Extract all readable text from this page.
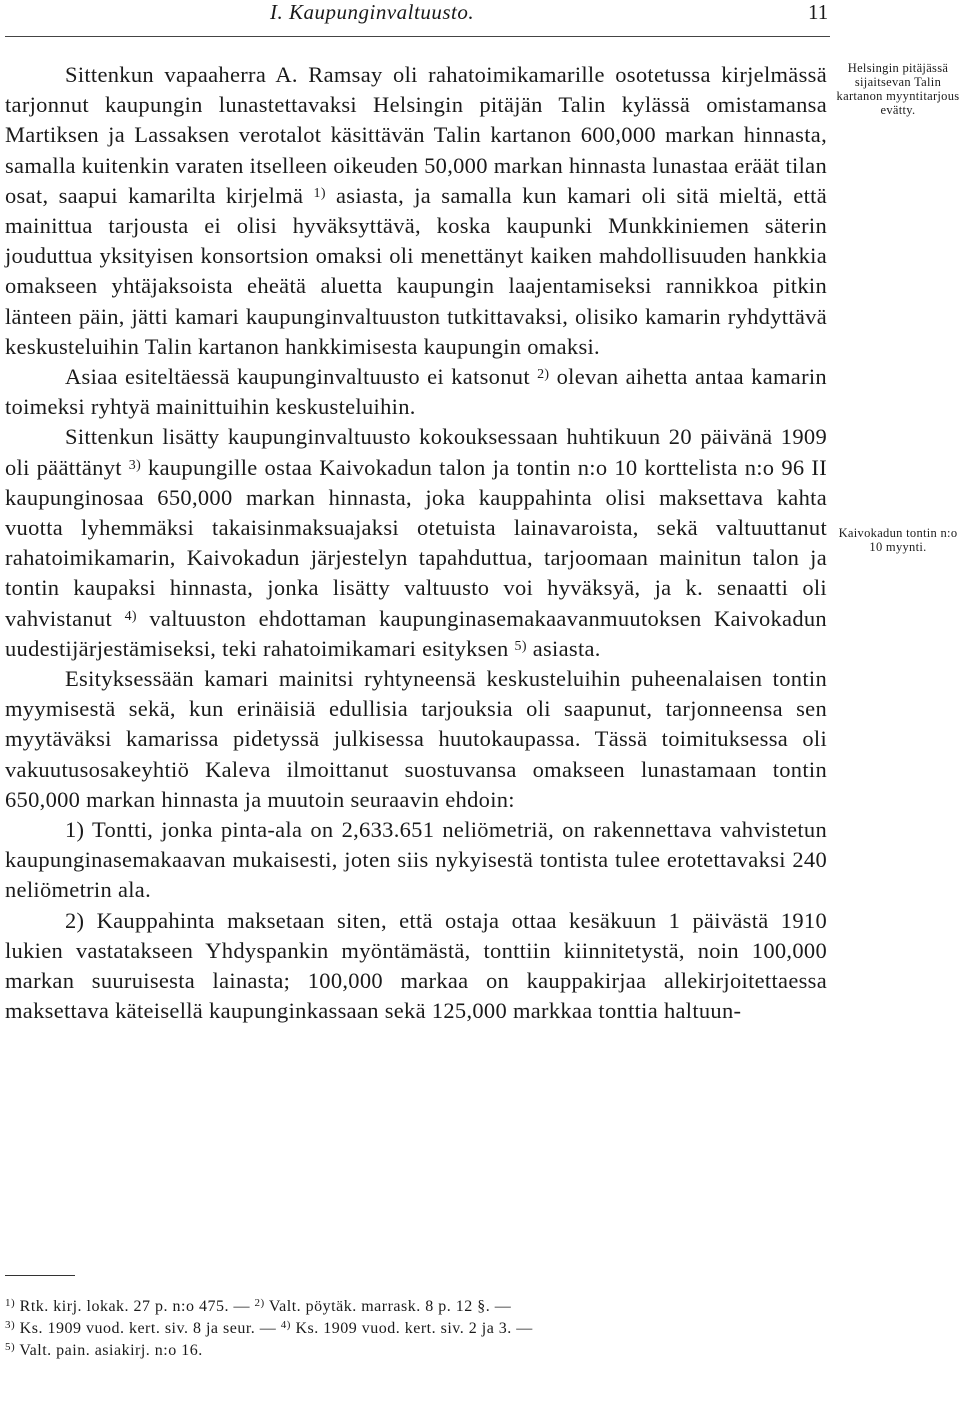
I. Kaupunginvaltuusto.	11

Sittenkun vapaaherra A. Ramsay oli rahatoimikamarille osotetussa kirjelmässä tarjonnut kaupungin lunastettavaksi Helsingin pitäjän Talin kylässä omistamansa Martiksen ja Lassaksen verotalot käsittävän Talin kartanon 600,000 markan hinnasta, samalla kuitenkin varaten itselleen oikeuden 50,000 markan hinnasta lunastaa eräät tilan osat, saapui kamarilta kirjelmä $^{1)}$ asiasta, ja samalla kun kamari oli sitä mieltä, että mainittua tarjousta ei olisi hyväksyttävä, koska kaupunki Munkkiniemen säterin jouduttua yksityisen konsortsion omaksi oli menettänyt kaiken mahdollisuuden hankkia omakseen yhtäjaksoista eheätä aluetta kaupungin laajentamiseksi rannikkoa pitkin länteen päin, jätti kamari kaupunginvaltuuston tutkittavaksi, olisiko kamarin ryhdyttävä keskusteluihin Talin kartanon hankkimisesta kaupungin omaksi.

Asiaa esiteltäessä kaupunginvaltuusto ei katsonut $^{2)}$ olevan aihetta antaa kamarin toimeksi ryhtyä mainittuihin keskusteluihin.

Sittenkun lisätty kaupunginvaltuusto kokouksessaan huhtikuun 20 päivänä 1909 oli päättänyt $^{3)}$ kaupungille ostaa Kaivokadun talon ja tontin n:o 10 korttelista n:o 96 II kaupunginosaa 650,000 markan hinnasta, joka kauppahinta olisi maksettava kahta vuotta lyhemmäksi takaisinmaksuajaksi otetuista lainavaroista, sekä valtuuttanut rahatoimikamarin, Kaivokadun järjestelyn tapahduttua, tarjoomaan mainitun talon ja tontin kaupaksi hinnasta, jonka lisätty valtuusto voi hyväksyä, ja k. senaatti oli vahvistanut $^{4)}$ valtuuston ehdottaman kaupunginasemakaavanmuutoksen Kaivokadun uudestijärjestämiseksi, teki rahatoimikamari esityksen $^{5)}$ asiasta.

Esityksessään kamari mainitsi ryhtyneensä keskusteluihin puheenalaisen tontin myymisestä sekä, kun erinäisiä edullisia tarjouksia oli saapunut, tarjonneensa sen myytäväksi kamarissa pidetyssä julkisessa huutokaupassa. Tässä toimituksessa oli vakuutusosakeyhtiö Kaleva ilmoittanut suostuvansa omakseen lunastamaan tontin 650,000 markan hinnasta ja muutoin seuraavin ehdoin:

1) Tontti, jonka pinta-ala on 2,633.651 neliömetriä, on rakennettava vahvistetun kaupunginasemakaavan mukaisesti, joten siis nykyisestä tontista tulee erotettavaksi 240 neliömetrin ala.

2) Kauppahinta maksetaan siten, että ostaja ottaa kesäkuun 1 päivästä 1910 lukien vastatakseen Yhdyspankin myöntämästä, tonttiin kiinnitetystä, noin 100,000 markan suuruisesta lainasta; 100,000 markaa on kauppakirjaa allekirjoitettaessa maksettava käteisellä kaupunginkassaan sekä 125,000 markkaa tonttia haltuun-

Helsingin pitäjässä sijaitsevan Talin kartanon myyntitarjous evätty.
Kaivokadun tontin n:o 10 myynti.
$^{1)}$ Rtk. kirj. lokak. 27 p. n:o 475. — $^{2)}$ Valt. pöytäk. marrask. 8 p. 12 §. —
$^{3)}$ Ks. 1909 vuod. kert. siv. 8 ja seur. — $^{4)}$ Ks. 1909 vuod. kert. siv. 2 ja 3. —
$^{5)}$ Valt. pain. asiakirj. n:o 16.
